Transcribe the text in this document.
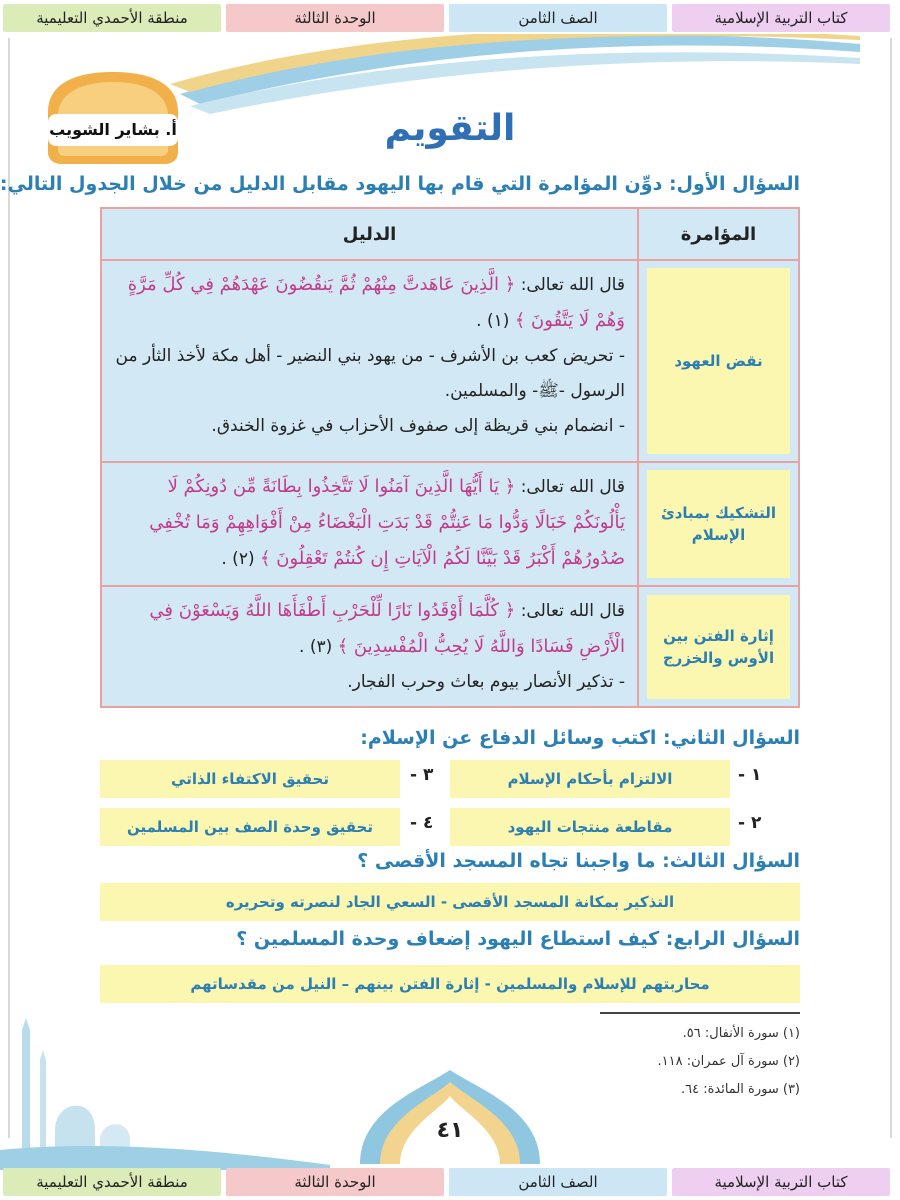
كتاب التربية الإسلامية
الصف الثامن
الوحدة الثالثة
منطقة الأحمدي التعليمية
أ. بشاير الشويب	التقويم
السؤال الأول: دوِّن المؤامرة التي قام بها اليهود مقابل الدليل من خلال الجدول التالي:
المؤامرة	الدليل

نقض العهود	قال الله تعالى: ﴿ الَّذِينَ عَاهَدتَّ مِنْهُمْ ثُمَّ يَنقُضُونَ عَهْدَهُمْ فِي كُلِّ مَرَّةٍ وَهُمْ لَا يَتَّقُونَ ﴾ (١) .
- تحريض كعب بن الأشرف - من يهود بني النضير - أهل مكة لأخذ الثأر من الرسول -ﷺ- والمسلمين.
- انضمام بني قريظة إلى صفوف الأحزاب في غزوة الخندق.

التشكيك بمبادئ الإسلام	قال الله تعالى: ﴿ يَا أَيُّهَا الَّذِينَ آمَنُوا لَا تَتَّخِذُوا بِطَانَةً مِّن دُونِكُمْ لَا يَأْلُونَكُمْ خَبَالًا وَدُّوا مَا عَنِتُّمْ قَدْ بَدَتِ الْبَغْضَاءُ مِنْ أَفْوَاهِهِمْ وَمَا تُخْفِي صُدُورُهُمْ أَكْبَرُ قَدْ بَيَّنَّا لَكُمُ الْآيَاتِ إِن كُنتُمْ تَعْقِلُونَ ﴾ (٢) .

إثارة الفتن بين الأوس والخزرج	قال الله تعالى: ﴿ كُلَّمَا أَوْقَدُوا نَارًا لِّلْحَرْبِ أَطْفَأَهَا اللَّهُ وَيَسْعَوْنَ فِي الْأَرْضِ فَسَادًا وَاللَّهُ لَا يُحِبُّ الْمُفْسِدِينَ ﴾ (٣) .
- تذكير الأنصار بيوم بعاث وحرب الفجار.
السؤال الثاني: اكتب وسائل الدفاع عن الإسلام:
١ -
الالتزام بأحكام الإسلام
٣ -
تحقيق الاكتفاء الذاتي
٢ -
مقاطعة منتجات اليهود
٤ -
تحقيق وحدة الصف بين المسلمين
السؤال الثالث: ما واجبنا تجاه المسجد الأقصى ؟
التذكير بمكانة المسجد الأقصى - السعي الجاد لنصرته وتحريره
السؤال الرابع: كيف استطاع اليهود إضعاف وحدة المسلمين ؟
محاربتهم للإسلام والمسلمين - إثارة الفتن بينهم – النيل من مقدساتهم
(١) سورة الأنفال: ٥٦.
(٢) سورة آل عمران: ١١٨.
(٣) سورة المائدة: ٦٤.
٤١
كتاب التربية الإسلامية
الصف الثامن
الوحدة الثالثة
منطقة الأحمدي التعليمية
